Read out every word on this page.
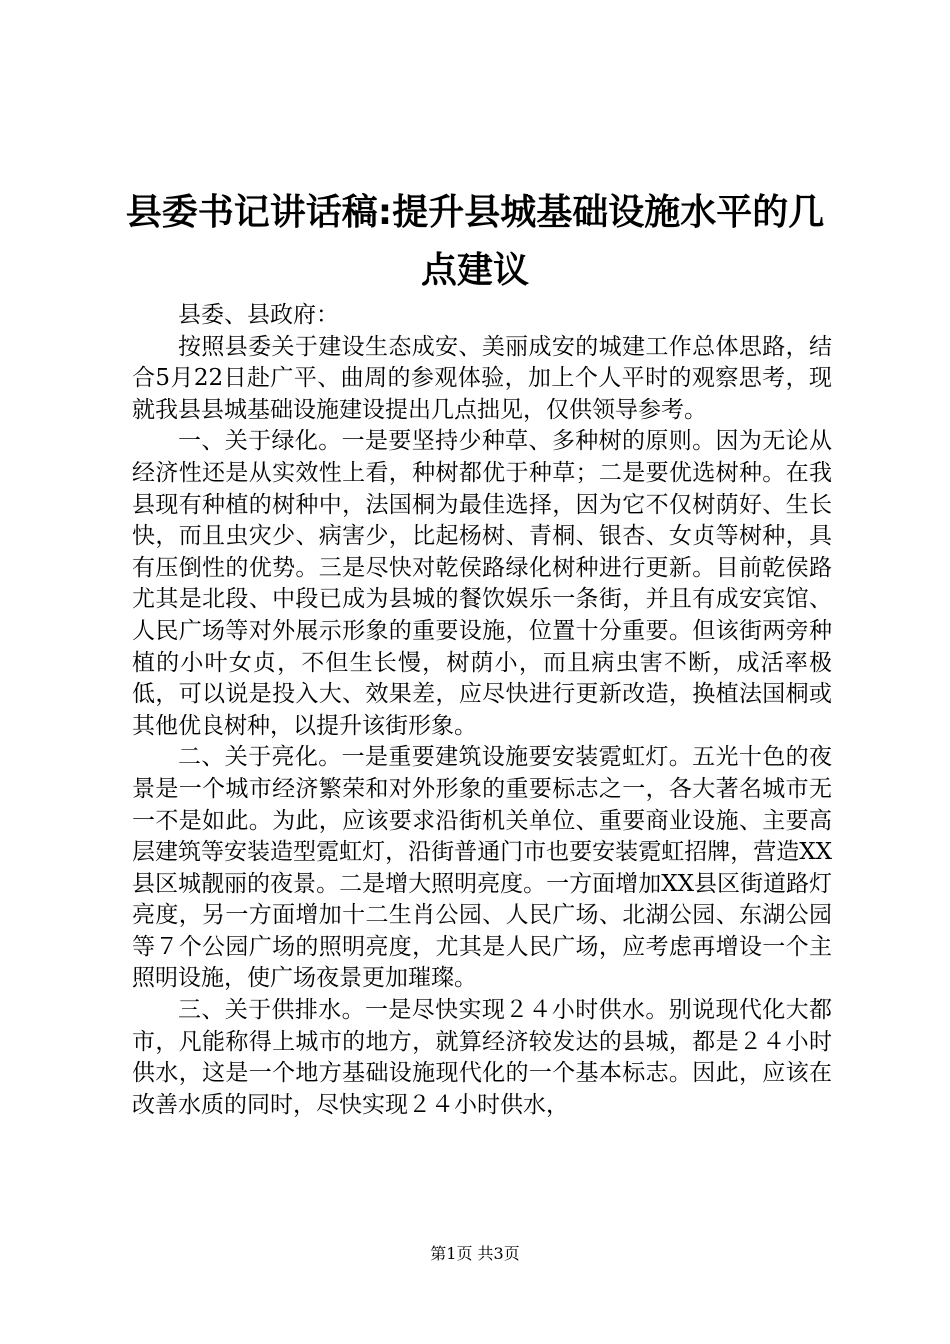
县委书记讲话稿:提升县城基础设施水平的几点建议

县委、县政府：

按照县委关于建设生态成安、美丽成安的城建工作总体思路，结合5月22日赴广平、曲周的参观体验，加上个人平时的观察思考，现就我县县城基础设施建设提出几点拙见，仅供领导参考。

一、关于绿化。一是要坚持少种草、多种树的原则。因为无论从经济性还是从实效性上看，种树都优于种草；二是要优选树种。在我县现有种植的树种中，法国桐为最佳选择，因为它不仅树荫好、生长快，而且虫灾少、病害少，比起杨树、青桐、银杏、女贞等树种，具有压倒性的优势。三是尽快对乾侯路绿化树种进行更新。目前乾侯路尤其是北段、中段已成为县城的餐饮娱乐一条街，并且有成安宾馆、人民广场等对外展示形象的重要设施，位置十分重要。但该街两旁种植的小叶女贞，不但生长慢，树荫小，而且病虫害不断，成活率极低，可以说是投入大、效果差，应尽快进行更新改造，换植法国桐或其他优良树种，以提升该街形象。

二、关于亮化。一是重要建筑设施要安装霓虹灯。五光十色的夜景是一个城市经济繁荣和对外形象的重要标志之一，各大著名城市无一不是如此。为此，应该要求沿街机关单位、重要商业设施、主要高层建筑等安装造型霓虹灯，沿街普通门市也要安装霓虹招牌，营造XX县区城靓丽的夜景。二是增大照明亮度。一方面增加XX县区街道路灯亮度，另一方面增加十二生肖公园、人民广场、北湖公园、东湖公园等７个公园广场的照明亮度，尤其是人民广场，应考虑再增设一个主照明设施，使广场夜景更加璀璨。

三、关于供排水。一是尽快实现２４小时供水。别说现代化大都市，凡能称得上城市的地方，就算经济较发达的县城，都是２４小时供水，这是一个地方基础设施现代化的一个基本标志。因此，应该在改善水质的同时，尽快实现２４小时供水，

第1页 共3页
